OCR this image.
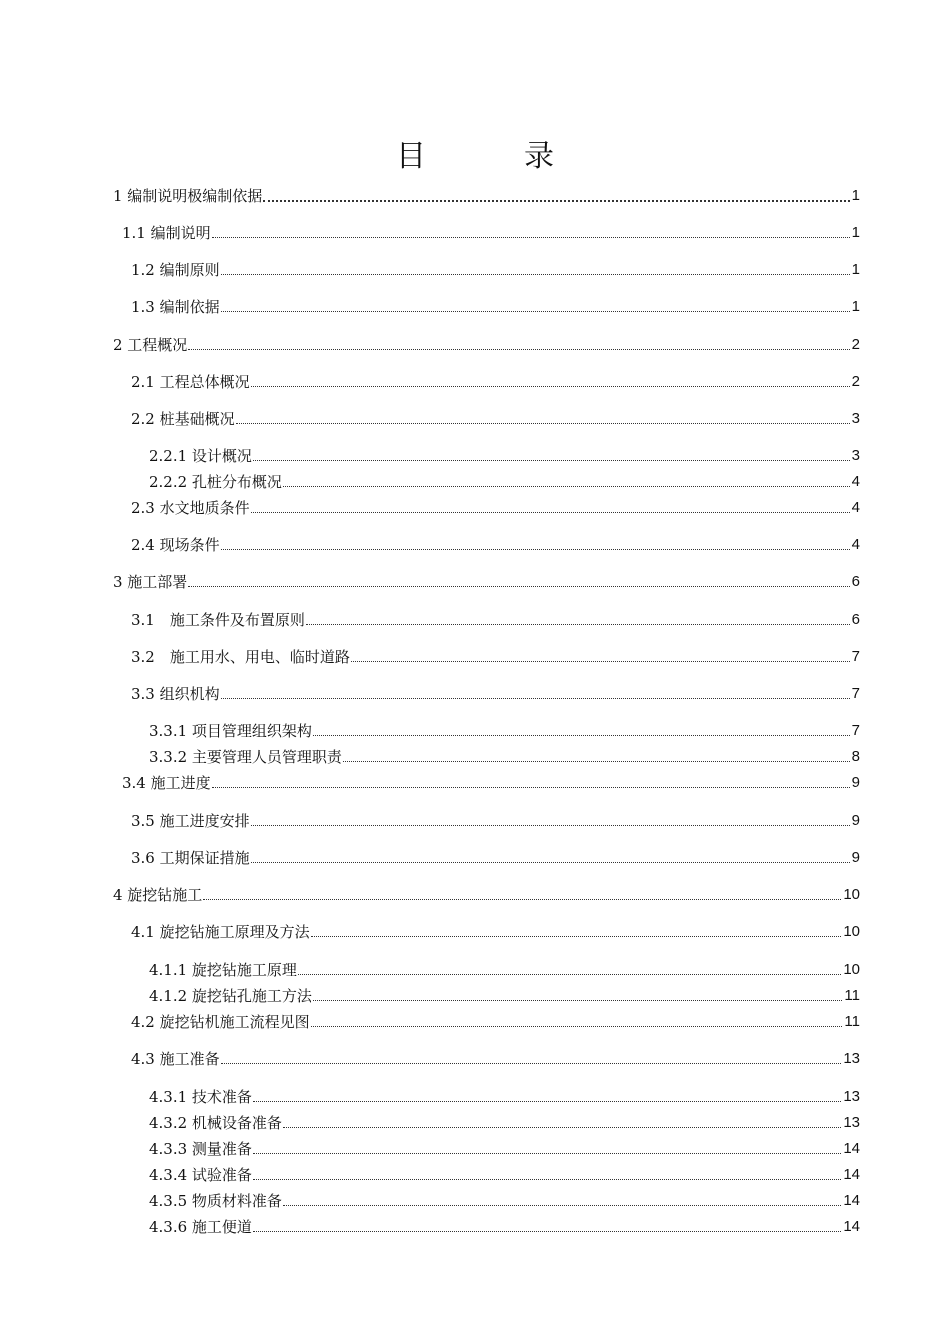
目　录
1 编制说明极编制依据	1
1.1 编制说明	1
1.2 编制原则	1
1.3 编制依据	1
2 工程概况	2
2.1 工程总体概况	2
2.2 桩基础概况	3
2.2.1 设计概况	3
2.2.2 孔桩分布概况	4
2.3 水文地质条件	4
2.4 现场条件	4
3 施工部署	6
3.1　施工条件及布置原则	6
3.2　施工用水、用电、临时道路	7
3.3 组织机构	7
3.3.1 项目管理组织架构	7
3.3.2 主要管理人员管理职责	8
3.4 施工进度	9
3.5 施工进度安排	9
3.6 工期保证措施	9
4 旋挖钻施工	10
4.1 旋挖钻施工原理及方法	10
4.1.1 旋挖钻施工原理	10
4.1.2 旋挖钻孔施工方法	11
4.2 旋挖钻机施工流程见图	11
4.3 施工准备	13
4.3.1 技术准备	13
4.3.2 机械设备准备	13
4.3.3 测量准备	14
4.3.4 试验准备	14
4.3.5 物质材料准备	14
4.3.6 施工便道	14
